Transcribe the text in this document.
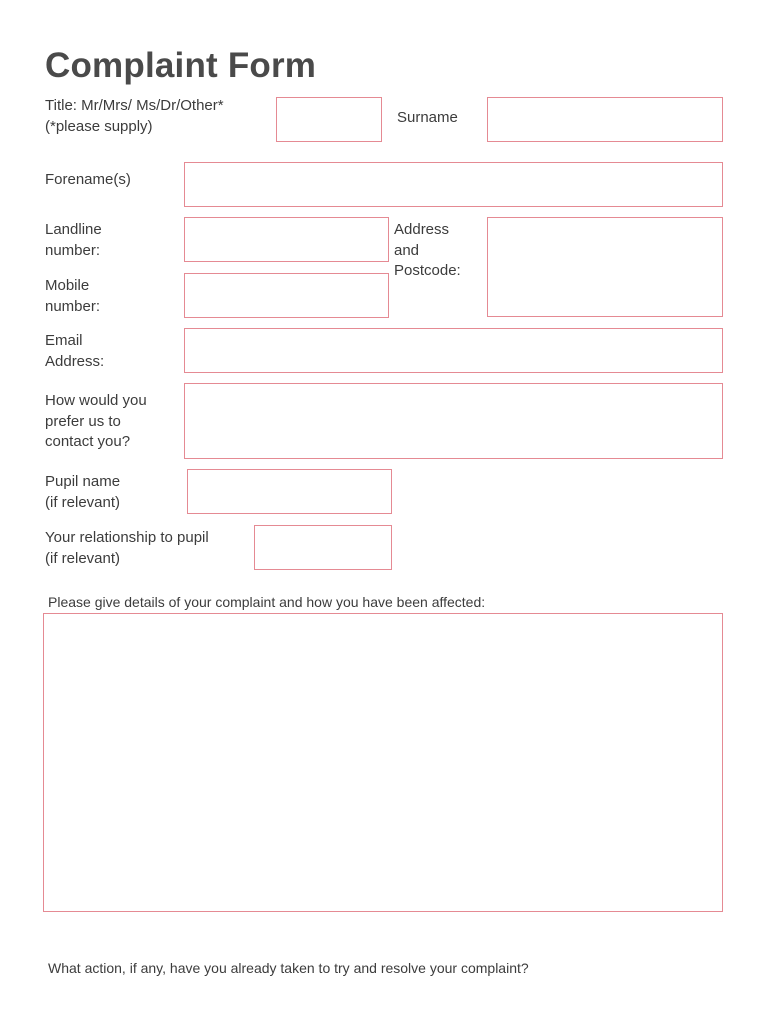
Complaint Form
Title: Mr/Mrs/ Ms/Dr/Other*
(*please supply)	Surname
Forename(s)
Landline
number:
Mobile
number:
Address
and
Postcode:
Email
Address:
How would you
prefer us to
contact you?
Pupil name
(if relevant)
Your relationship to pupil
(if relevant)
Please give details of your complaint and how you have been affected:
What action, if any, have you already taken to try and resolve your complaint?
